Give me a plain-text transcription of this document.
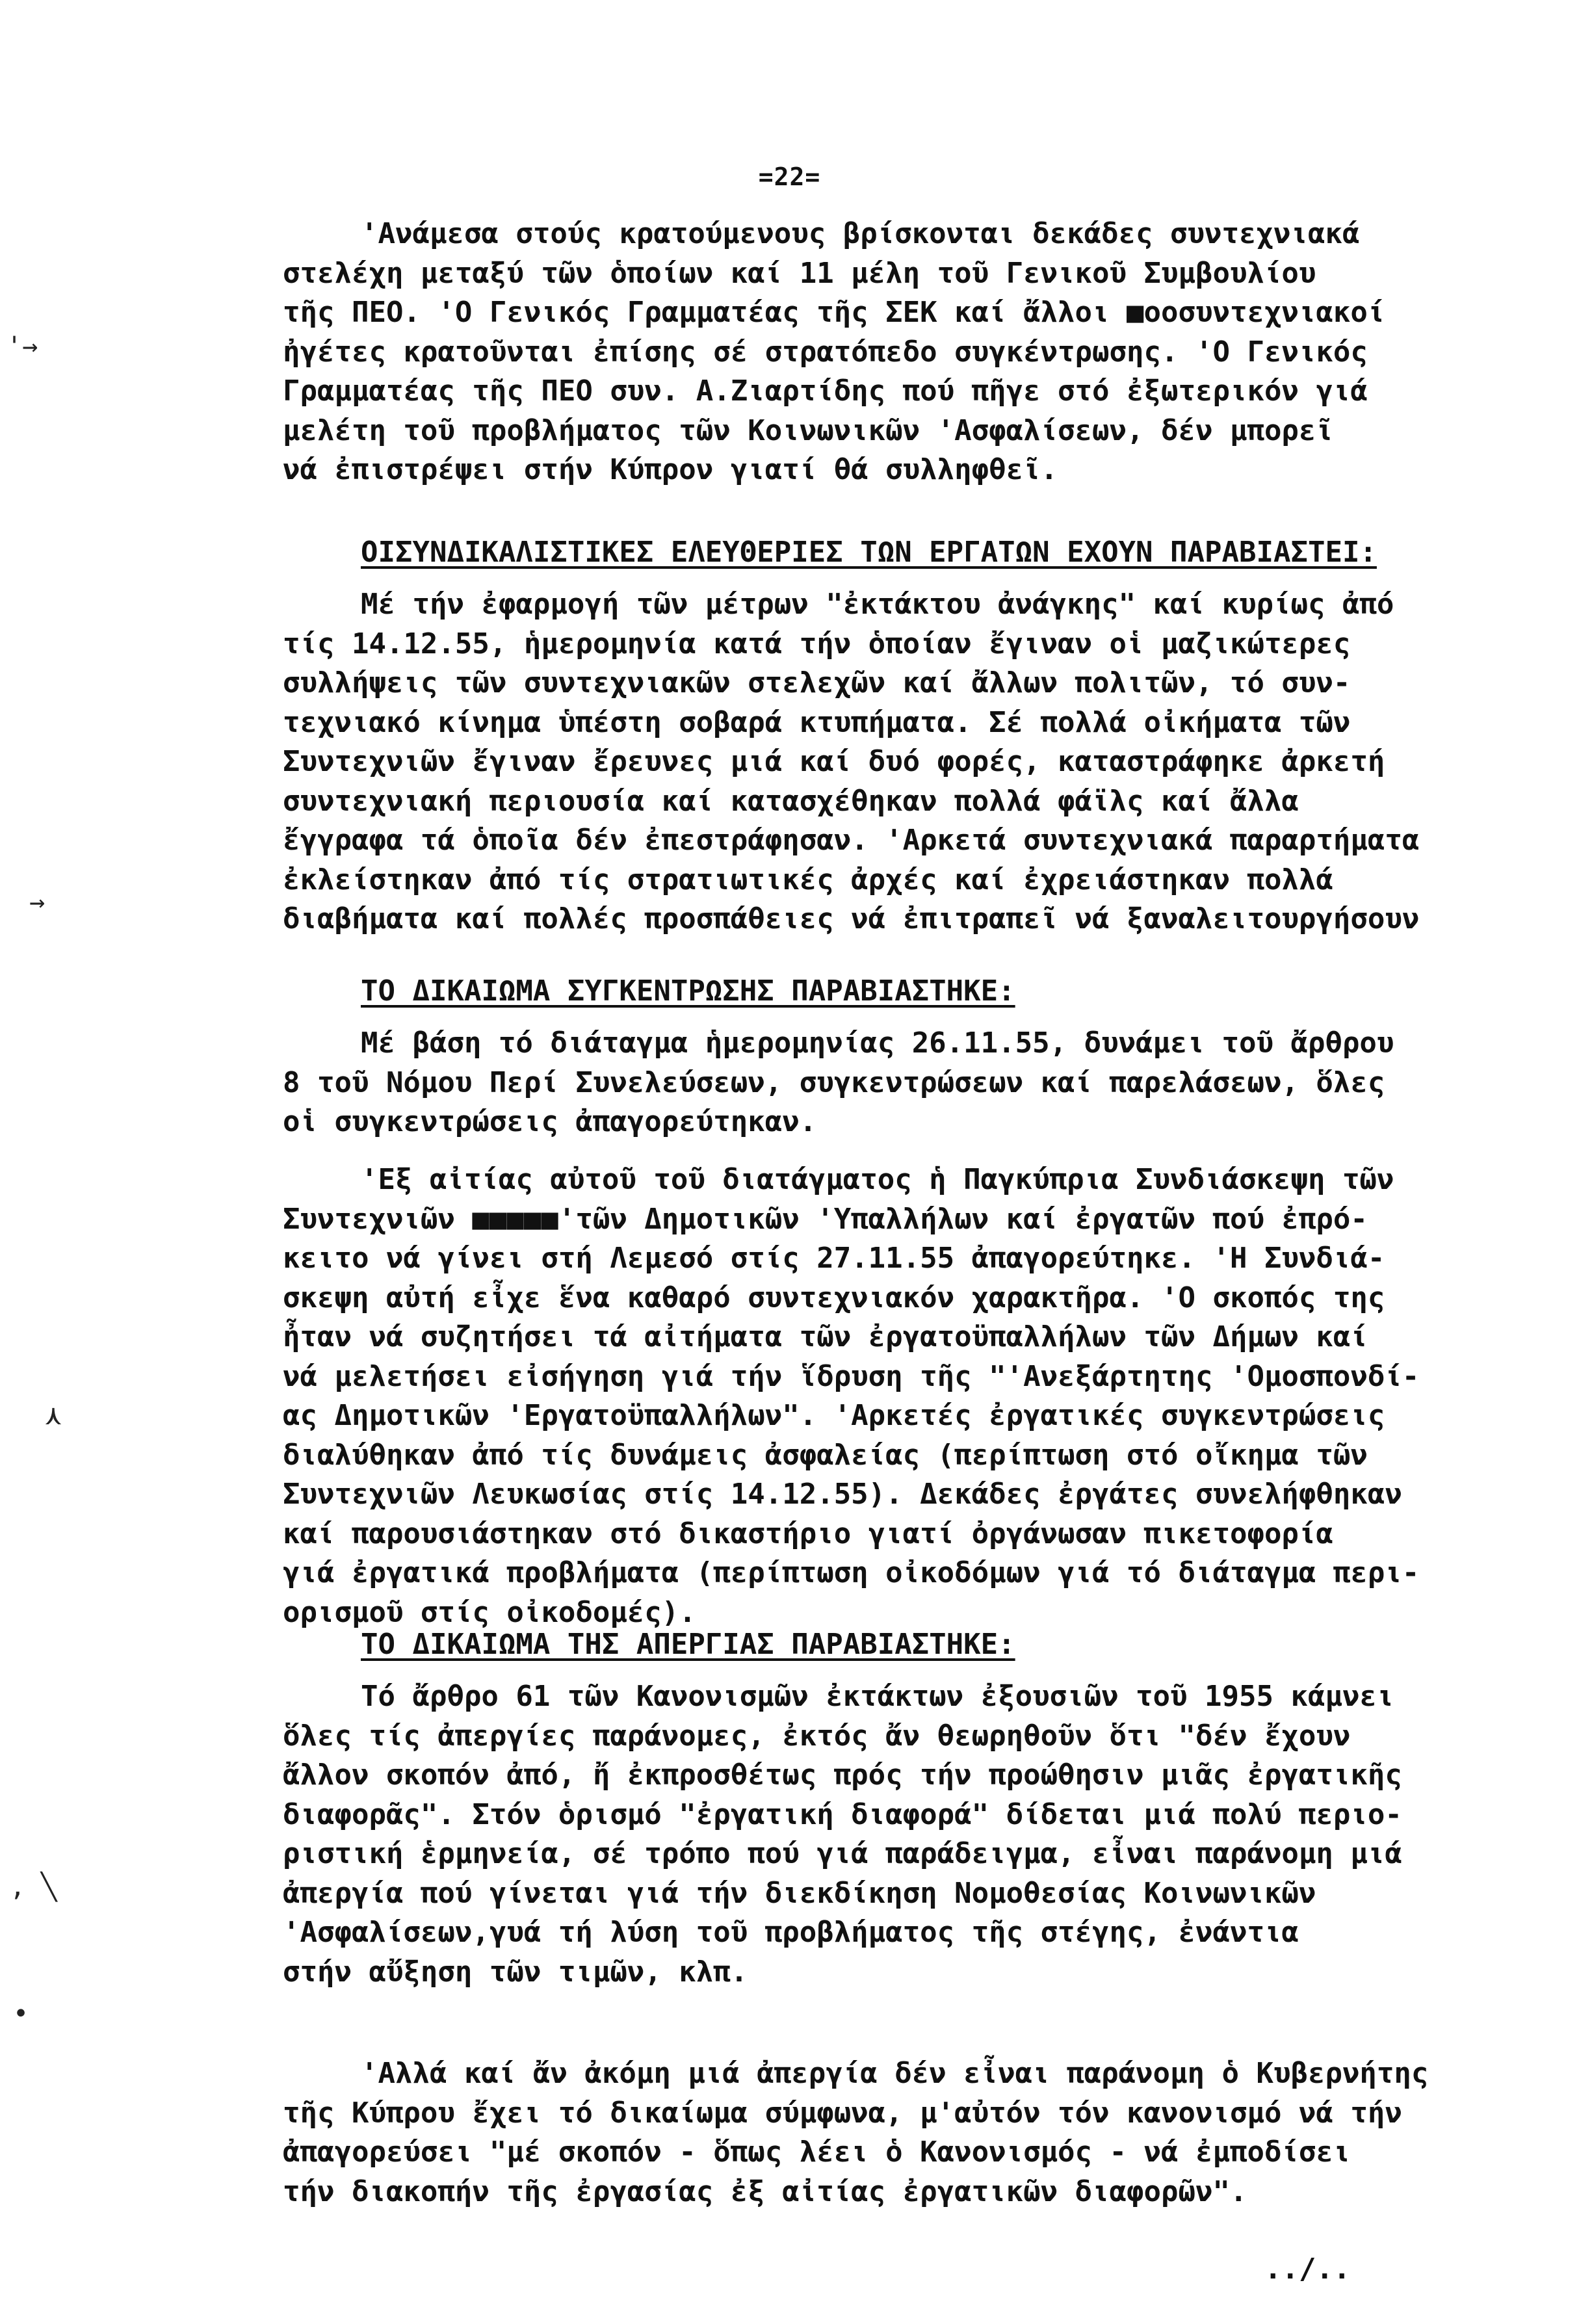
=22=
'→
→
⋏
, ╲
•
'Ανάμεσα στούς κρατούμενους βρίσκονται δεκάδες συντεχνιακά
στελέχη μεταξύ τῶν ὁποίων καί 11 μέλη τοῦ Γενικοῦ Συμβουλίου
τῆς ΠΕΟ. 'Ο Γενικός Γραμματέας τῆς ΣΕΚ καί ἄλλοι ■οοσυντεχνιακοί
ἠγέτες κρατοῦνται ἐπίσης σέ στρατόπεδο συγκέντρωσης. 'Ο Γενικός
Γραμματέας τῆς ΠΕΟ συν. Α.Ζιαρτίδης πού πῆγε στό ἐξωτερικόν γιά
μελέτη τοῦ προβλήματος τῶν Κοινωνικῶν 'Ασφαλίσεων, δέν μπορεῖ
νά ἐπιστρέψει στήν Κύπρον γιατί θά συλληφθεῖ.
ΟΙΣΥΝΔΙΚΑΛΙΣΤΙΚΕΣ ΕΛΕΥΘΕΡΙΕΣ ΤΩΝ ΕΡΓΑΤΩΝ ΕΧΟΥΝ ΠΑΡΑΒΙΑΣΤΕΙ:
Μέ τήν ἐφαρμογή τῶν μέτρων "ἐκτάκτου ἀνάγκης" καί κυρίως ἀπό
τίς 14.12.55, ἡμερομηνία κατά τήν ὁποίαν ἔγιναν οἱ μαζικώτερες
συλλήψεις τῶν συντεχνιακῶν στελεχῶν καί ἄλλων πολιτῶν, τό συν-
τεχνιακό κίνημα ὑπέστη σοβαρά κτυπήματα. Σέ πολλά οἰκήματα τῶν
Συντεχνιῶν ἔγιναν ἔρευνες μιά καί δυό φορές, καταστράφηκε ἀρκετή
συντεχνιακή περιουσία καί κατασχέθηκαν πολλά φάϊλς καί ἄλλα
ἔγγραφα τά ὁποῖα δέν ἐπεστράφησαν. 'Αρκετά συντεχνιακά παραρτήματα
ἐκλείστηκαν ἀπό τίς στρατιωτικές ἀρχές καί ἐχρειάστηκαν πολλά
διαβήματα καί πολλές προσπάθειες νά ἐπιτραπεῖ νά ξαναλειτουργήσουν
ΤΟ ΔΙΚΑΙΩΜΑ ΣΥΓΚΕΝΤΡΩΣΗΣ ΠΑΡΑΒΙΑΣΤΗΚΕ:
Μέ βάση τό διάταγμα ἡμερομηνίας 26.11.55, δυνάμει τοῦ ἄρθρου
8 τοῦ Νόμου Περί Συνελεύσεων, συγκεντρώσεων καί παρελάσεων, ὅλες
οἱ συγκεντρώσεις ἀπαγορεύτηκαν.
'Εξ αἰτίας αὐτοῦ τοῦ διατάγματος ἡ Παγκύπρια Συνδιάσκεψη τῶν
Συντεχνιῶν ■■■■■'τῶν Δημοτικῶν 'Υπαλλήλων καί ἐργατῶν πού ἐπρό-
κειτο νά γίνει στή Λεμεσό στίς 27.11.55 ἀπαγορεύτηκε. 'Η Συνδιά-
σκεψη αὐτή εἶχε ἕνα καθαρό συντεχνιακόν χαρακτῆρα. 'Ο σκοπός της
ἦταν νά συζητήσει τά αἰτήματα τῶν ἐργατοϋπαλλήλων τῶν Δήμων καί
νά μελετήσει εἰσήγηση γιά τήν ἵδρυση τῆς "'Ανεξάρτητης 'Ομοσπονδί-
ας Δημοτικῶν 'Εργατοϋπαλλήλων". 'Αρκετές ἐργατικές συγκεντρώσεις
διαλύθηκαν ἀπό τίς δυνάμεις ἀσφαλείας (περίπτωση στό οἴκημα τῶν
Συντεχνιῶν Λευκωσίας στίς 14.12.55). Δεκάδες ἐργάτες συνελήφθηκαν
καί παρουσιάστηκαν στό δικαστήριο γιατί ὀργάνωσαν πικετοφορία
γιά ἐργατικά προβλήματα (περίπτωση οἰκοδόμων γιά τό διάταγμα περι-
ορισμοῦ στίς οἰκοδομές).
ΤΟ ΔΙΚΑΙΩΜΑ ΤΗΣ ΑΠΕΡΓΙΑΣ ΠΑΡΑΒΙΑΣΤΗΚΕ:
Τό ἄρθρο 61 τῶν Κανονισμῶν ἐκτάκτων ἐξουσιῶν τοῦ 1955 κάμνει
ὅλες τίς ἀπεργίες παράνομες, ἐκτός ἄν θεωρηθοῦν ὅτι "δέν ἔχουν
ἄλλον σκοπόν ἀπό, ἤ ἐκπροσθέτως πρός τήν προώθησιν μιᾶς ἐργατικῆς
διαφορᾶς". Στόν ὁρισμό "ἐργατική διαφορά" δίδεται μιά πολύ περιο-
ριστική ἑρμηνεία, σέ τρόπο πού γιά παράδειγμα, εἶναι παράνομη μιά
ἀπεργία πού γίνεται γιά τήν διεκδίκηση Νομοθεσίας Κοινωνικῶν
'Ασφαλίσεων,γυά τή λύση τοῦ προβλήματος τῆς στέγης, ἐνάντια
στήν αὔξηση τῶν τιμῶν, κλπ.
'Αλλά καί ἄν ἀκόμη μιά ἀπεργία δέν εἶναι παράνομη ὁ Κυβερνήτης
τῆς Κύπρου ἔχει τό δικαίωμα σύμφωνα, μ'αὐτόν τόν κανονισμό νά τήν
ἀπαγορεύσει "μέ σκοπόν - ὅπως λέει ὁ Κανονισμός - νά ἐμποδίσει
τήν διακοπήν τῆς ἐργασίας ἐξ αἰτίας ἐργατικῶν διαφορῶν".
../..
